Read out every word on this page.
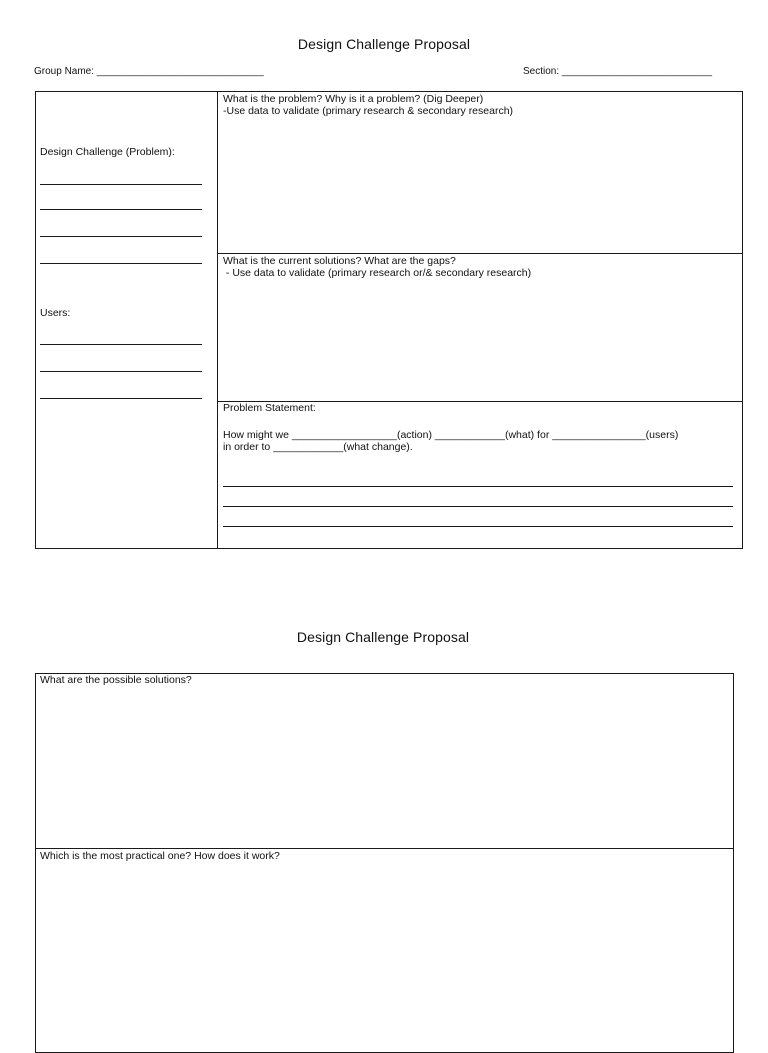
Design Challenge Proposal
Group Name: ______________________________	Section: ___________________________
Design Challenge (Problem):
Users:
What is the problem? Why is it a problem? (Dig Deeper)
-Use data to validate (primary research & secondary research)
What is the current solutions? What are the gaps?
- Use data to validate (primary research or/& secondary research)
Problem Statement:
How might we __________________(action) ____________(what) for ________________(users)
in order to ____________(what change).
Design Challenge Proposal
What are the possible solutions?
Which is the most practical one? How does it work?
